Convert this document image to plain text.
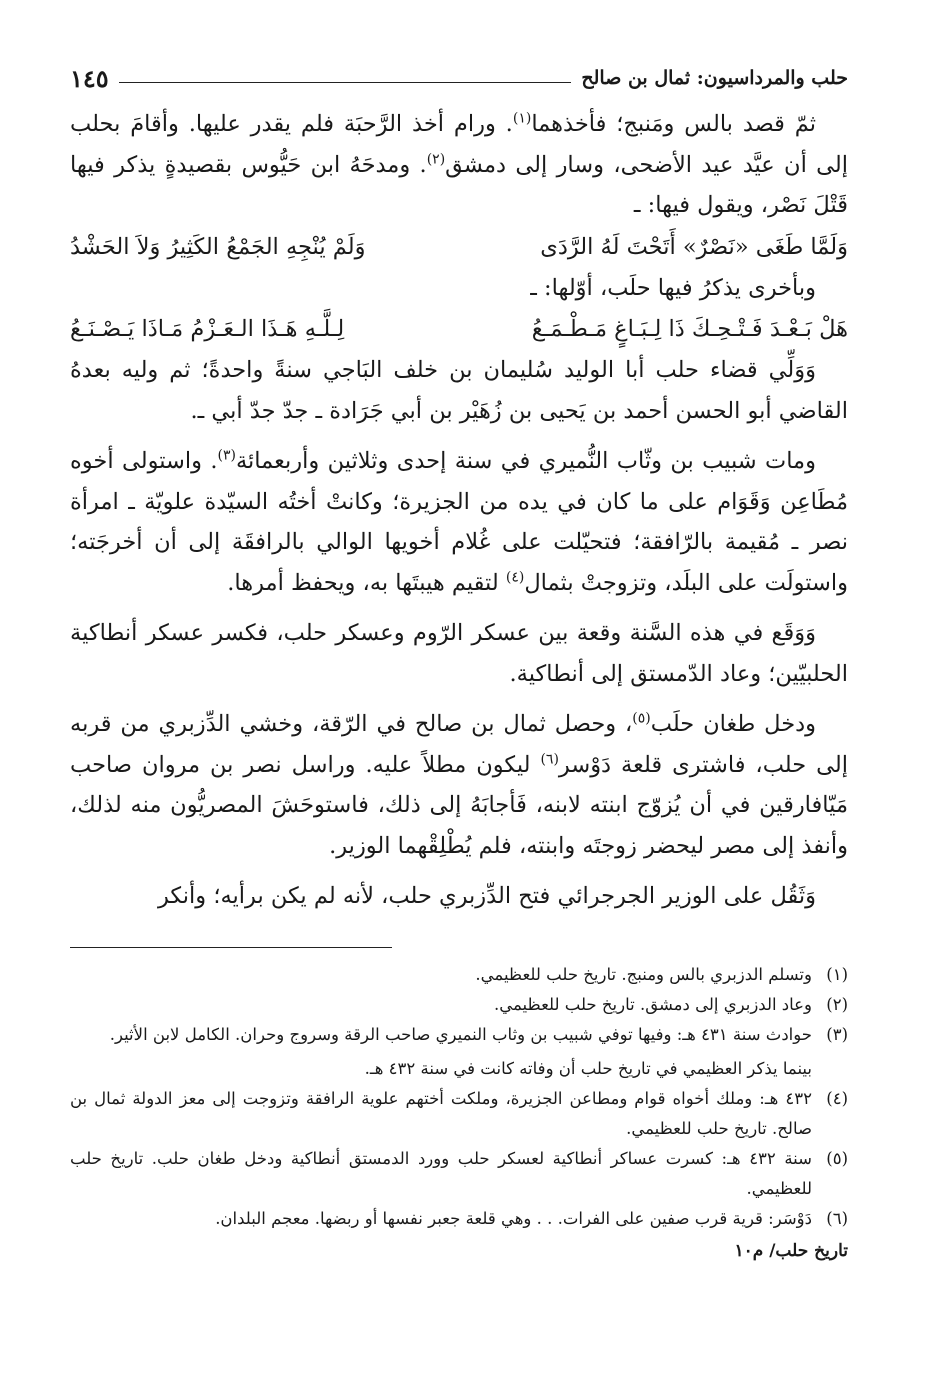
حلب والمرداسيون: ثمال بن صالح
١٤٥

ثمّ قصد بالس ومَنبج؛ فأخذهما$^{(١)}$. ورام أخذ الرَّحبَة فلم يقدر عليها. وأقامَ بحلب إلى أن عيَّد عيد الأضحى، وسار إلى دمشق$^{(٢)}$. ومدحَهُ ابن حَيُّوس بقصيدةٍ يذكر فيها قَتْلَ نَصْر، ويقول فيها: ـ

وَلَمَّا طَغَى «نَصْرٌ» أَتَحْتَ لَهُ الرَّدَى
وَلَمْ يُنْجِهِ الجَمْعُ الكَثِيرُ وَلاَ الحَشْدُ

وبأخرى يذكرُ فيها حلَب، أوّلها: ـ

هَلْ بَـعْـدَ فَـتْـحِـكَ ذَا لِـبَـاغٍ مَـطْـمَـعُ
لِـلَّـهِ هَـذَا الـعَـزْمُ مَـاذَا يَـصْـنَـعُ

وَوَلِّي قضاء حلب أبا الوليد سُليمان بن خلف البَاجي سنةً واحدةً؛ ثم وليه بعدهُ القاضي أبو الحسن أحمد بن يَحيى بن زُهَيْر بن أبي جَرَادة ـ جدّ جدّ أبي ـ.

ومات شبيب بن وثّاب النُّميري في سنة إحدى وثلاثين وأربعمائة$^{(٣)}$. واستولى أخوه مُطَاعِن وَقَوَام على ما كان في يده من الجزيرة؛ وكانتْ أختُه السيّدة علويّة ـ امرأة نصر ـ مُقيمة بالرّافقة؛ فتحيّلت على غُلام أخويها الوالي بالرافقَة إلى أن أخرجَته؛ واستولَت على البلَد، وتزوجتْ بثمال$^{(٤)}$ لتقيم هيبتَها به، ويحفظ أمرها.

وَوَقَع في هذه السَّنة وقعة بين عسكر الرّوم وعسكر حلب، فكسر عسكر أنطاكية الحلبيّين؛ وعاد الدّمستق إلى أنطاكية.

ودخل طغان حلَب$^{(٥)}$، وحصل ثمال بن صالح في الرّقة، وخشي الدِّزبري من قربه إلى حلب، فاشترى قلعة دَوْسر$^{(٦)}$ ليكون مطلاً عليه. وراسل نصر بن مروان صاحب مَيّافارقين في أن يُزوّج ابنته لابنه، فَأجابَهُ إلى ذلك، فاستوحَشَ المصريُّون منه لذلك، وأنفذ إلى مصر ليحضر زوجتَه وابنته، فلم يُطْلِقْهما الوزير.

وَثَقُل على الوزير الجرجرائي فتح الدِّزبري حلب، لأنه لم يكن برأيه؛ وأنكر

(١)
وتسلم الدزبري بالس ومنبج. تاريخ حلب للعظيمي.
(٢)
وعاد الدزبري إلى دمشق. تاريخ حلب للعظيمي.
(٣)
حوادث سنة ٤٣١ هـ: وفيها توفي شبيب بن وثاب النميري صاحب الرقة وسروج وحران. الكامل لابن الأثير.
بينما يذكر العظيمي في تاريخ حلب أن وفاته كانت في سنة ٤٣٢ هـ.
(٤)
٤٣٢ هـ: وملك أخواه قوام ومطاعن الجزيرة، وملكت أختهم علوية الرافقة وتزوجت إلى معز الدولة ثمال بن صالح. تاريخ حلب للعظيمي.
(٥)
سنة ٤٣٢ هـ: كسرت عساكر أنطاكية لعسكر حلب وورد الدمستق أنطاكية ودخل طغان حلب. تاريخ حلب للعظيمي.
(٦)
دَوْسَر: قرية قرب صفين على الفرات. . . وهي قلعة جعبر نفسها أو ربضها. معجم البلدان.
تاريخ حلب/ م١٠
